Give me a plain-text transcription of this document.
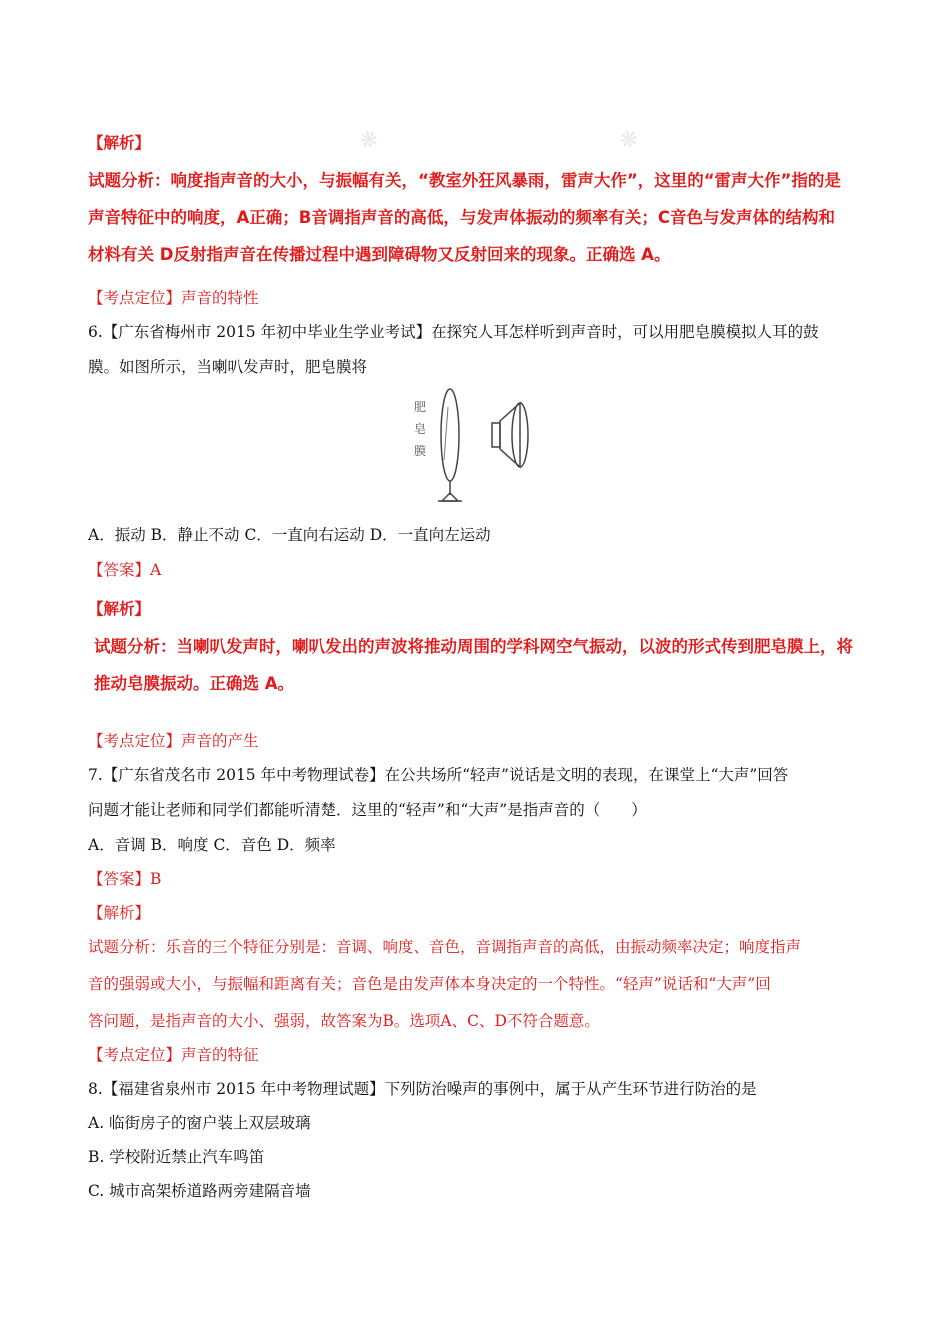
❋	❋
【解析】
试题分析：响度指声音的大小，与振幅有关，“教室外狂风暴雨，雷声大作”，这里的“雷声大作”指的是
声音特征中的响度，A正确；B音调指声音的高低，与发声体振动的频率有关；C音色与发声体的结构和
材料有关 D反射指声音在传播过程中遇到障碍物又反射回来的现象。正确选 A。
【考点定位】声音的特性
6.【广东省梅州市 2015 年初中毕业生学业考试】在探究人耳怎样听到声音时，可以用肥皂膜模拟人耳的鼓
膜。如图所示，当喇叭发声时，肥皂膜将
肥
皂
膜
A．振动 B．静止不动 C．一直向右运动 D．一直向左运动
【答案】A
【解析】
试题分析：当喇叭发声时，喇叭发出的声波将推动周围的学科网空气振动，以波的形式传到肥皂膜上，将
推动皂膜振动。正确选 A。
【考点定位】声音的产生
7.【广东省茂名市 2015 年中考物理试卷】在公共场所“轻声”说话是文明的表现，在课堂上“大声”回答
问题才能让老师和同学们都能听清楚．这里的“轻声”和“大声”是指声音的（　　）
A．音调 B．响度 C．音色 D．频率
【答案】B
【解析】
试题分析：乐音的三个特征分别是：音调、响度、音色，音调指声音的高低，由振动频率决定；响度指声
音的强弱或大小，与振幅和距离有关；音色是由发声体本身决定的一个特性。“轻声”说话和“大声”回
答问题，是指声音的大小、强弱，故答案为B。选项A、C、D不符合题意。
【考点定位】声音的特征
8.【福建省泉州市 2015 年中考物理试题】下列防治噪声的事例中，属于从产生环节进行防治的是
A. 临街房子的窗户装上双层玻璃
B. 学校附近禁止汽车鸣笛
C. 城市高架桥道路两旁建隔音墙
